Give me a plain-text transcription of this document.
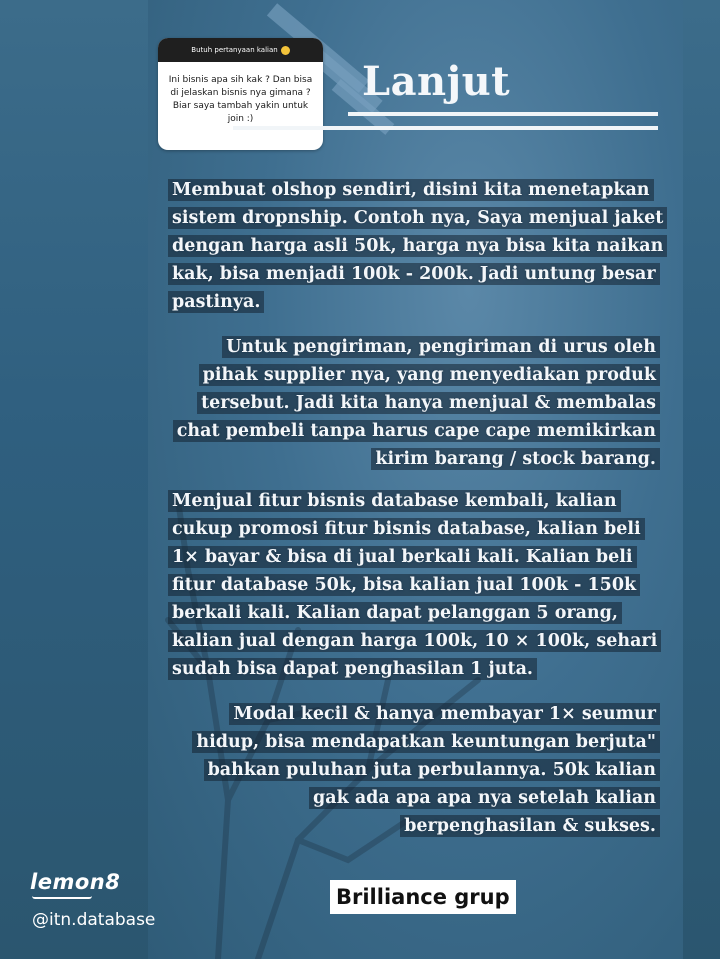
Butuh pertanyaan kalian
Ini bisnis apa sih kak ? Dan bisa di jelaskan bisnis nya gimana ? Biar saya tambah yakin untuk join :)
Lanjut
Membuat olshop sendiri, disini kita menetapkan sistem dropnship. Contoh nya, Saya menjual jaket dengan harga asli 50k, harga nya bisa kita naikan kak, bisa menjadi 100k - 200k. Jadi untung besar pastinya.
Untuk pengiriman, pengiriman di urus oleh pihak supplier nya, yang menyediakan produk tersebut. Jadi kita hanya menjual & membalas chat pembeli tanpa harus cape cape memikirkan kirim barang / stock barang.
Menjual fitur bisnis database kembali, kalian cukup promosi fitur bisnis database, kalian beli 1× bayar & bisa di jual berkali kali. Kalian beli fitur database 50k, bisa kalian jual 100k - 150k berkali kali. Kalian dapat pelanggan 5 orang, kalian jual dengan harga 100k, 10 × 100k, sehari sudah bisa dapat penghasilan 1 juta.
Modal kecil & hanya membayar 1× seumur hidup, bisa mendapatkan keuntungan berjuta" bahkan puluhan juta perbulannya. 50k kalian gak ada apa apa nya setelah kalian berpenghasilan & sukses.
Brilliance grup
lemon8
@itn.database
